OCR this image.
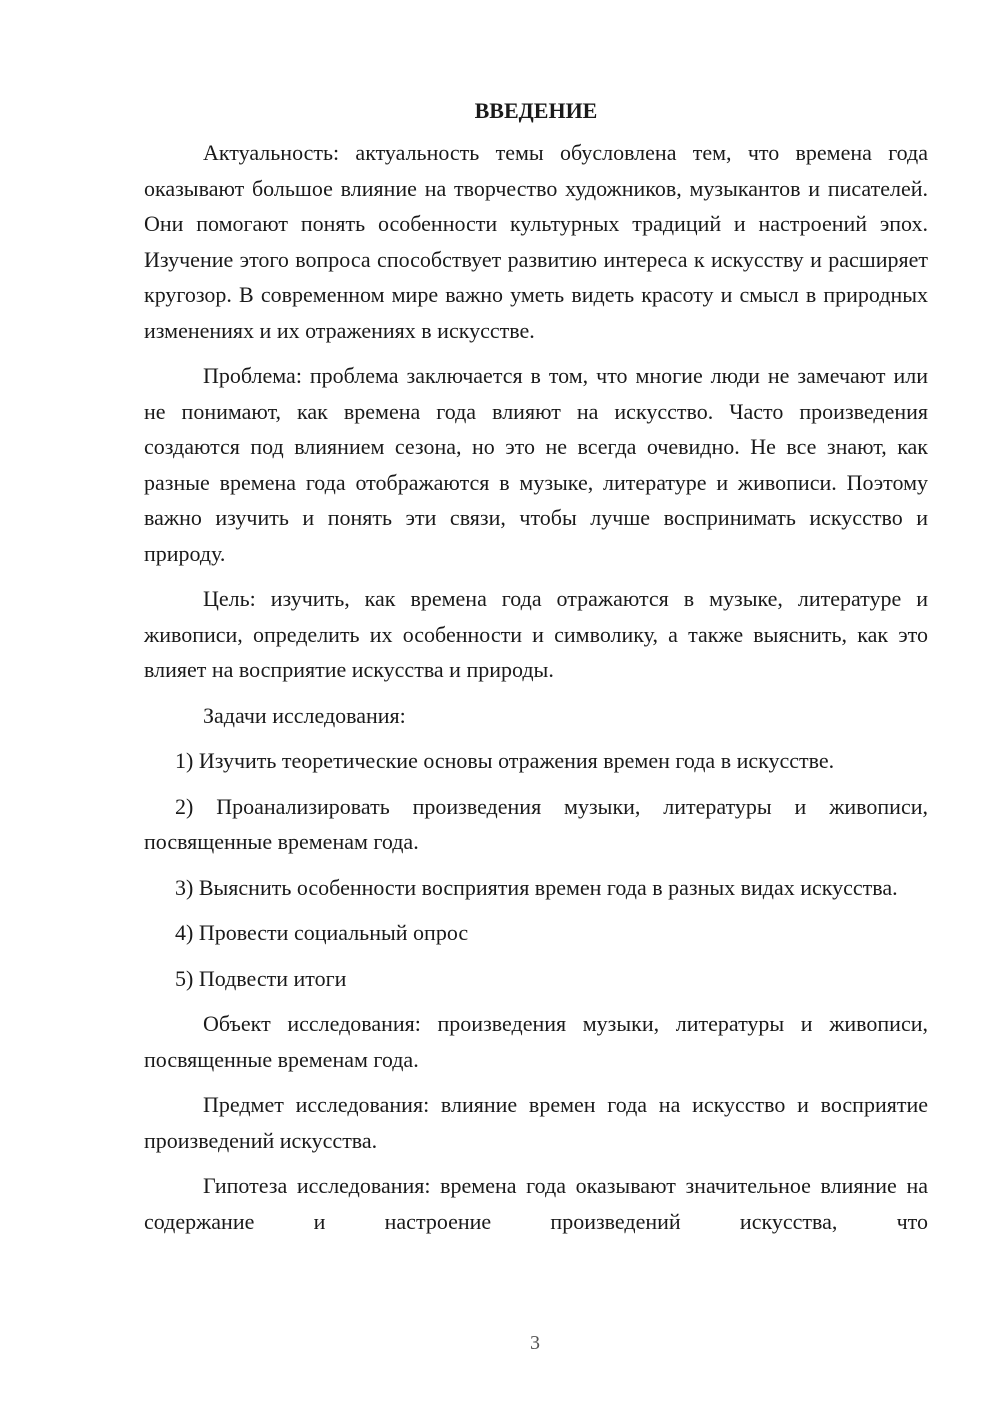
ВВЕДЕНИЕ

Актуальность: актуальность темы обусловлена тем, что времена года оказывают большое влияние на творчество художников, музыкантов и писателей. Они помогают понять особенности культурных традиций и настроений эпох. Изучение этого вопроса способствует развитию интереса к искусству и расширяет кругозор. В современном мире важно уметь видеть красоту и смысл в природных изменениях и их отражениях в искусстве.

Проблема: проблема заключается в том, что многие люди не замечают или не понимают, как времена года влияют на искусство. Часто произведения создаются под влиянием сезона, но это не всегда очевидно. Не все знают, как разные времена года отображаются в музыке, литературе и живописи. Поэтому важно изучить и понять эти связи, чтобы лучше воспринимать искусство и природу.

Цель: изучить, как времена года отражаются в музыке, литературе и живописи, определить их особенности и символику, а также выяснить, как это влияет на восприятие искусства и природы.

Задачи исследования:

1) Изучить теоретические основы отражения времен года в искусстве.

2) Проанализировать произведения музыки, литературы и живописи, посвященные временам года.

3) Выяснить особенности восприятия времен года в разных видах искусства.

4) Провести социальный опрос

5) Подвести итоги

Объект исследования: произведения музыки, литературы и живописи, посвященные временам года.

Предмет исследования: влияние времен года на искусство и восприятие произведений искусства.

Гипотеза исследования: времена года оказывают значительное влияние на содержание и настроение произведений искусства, что

3
